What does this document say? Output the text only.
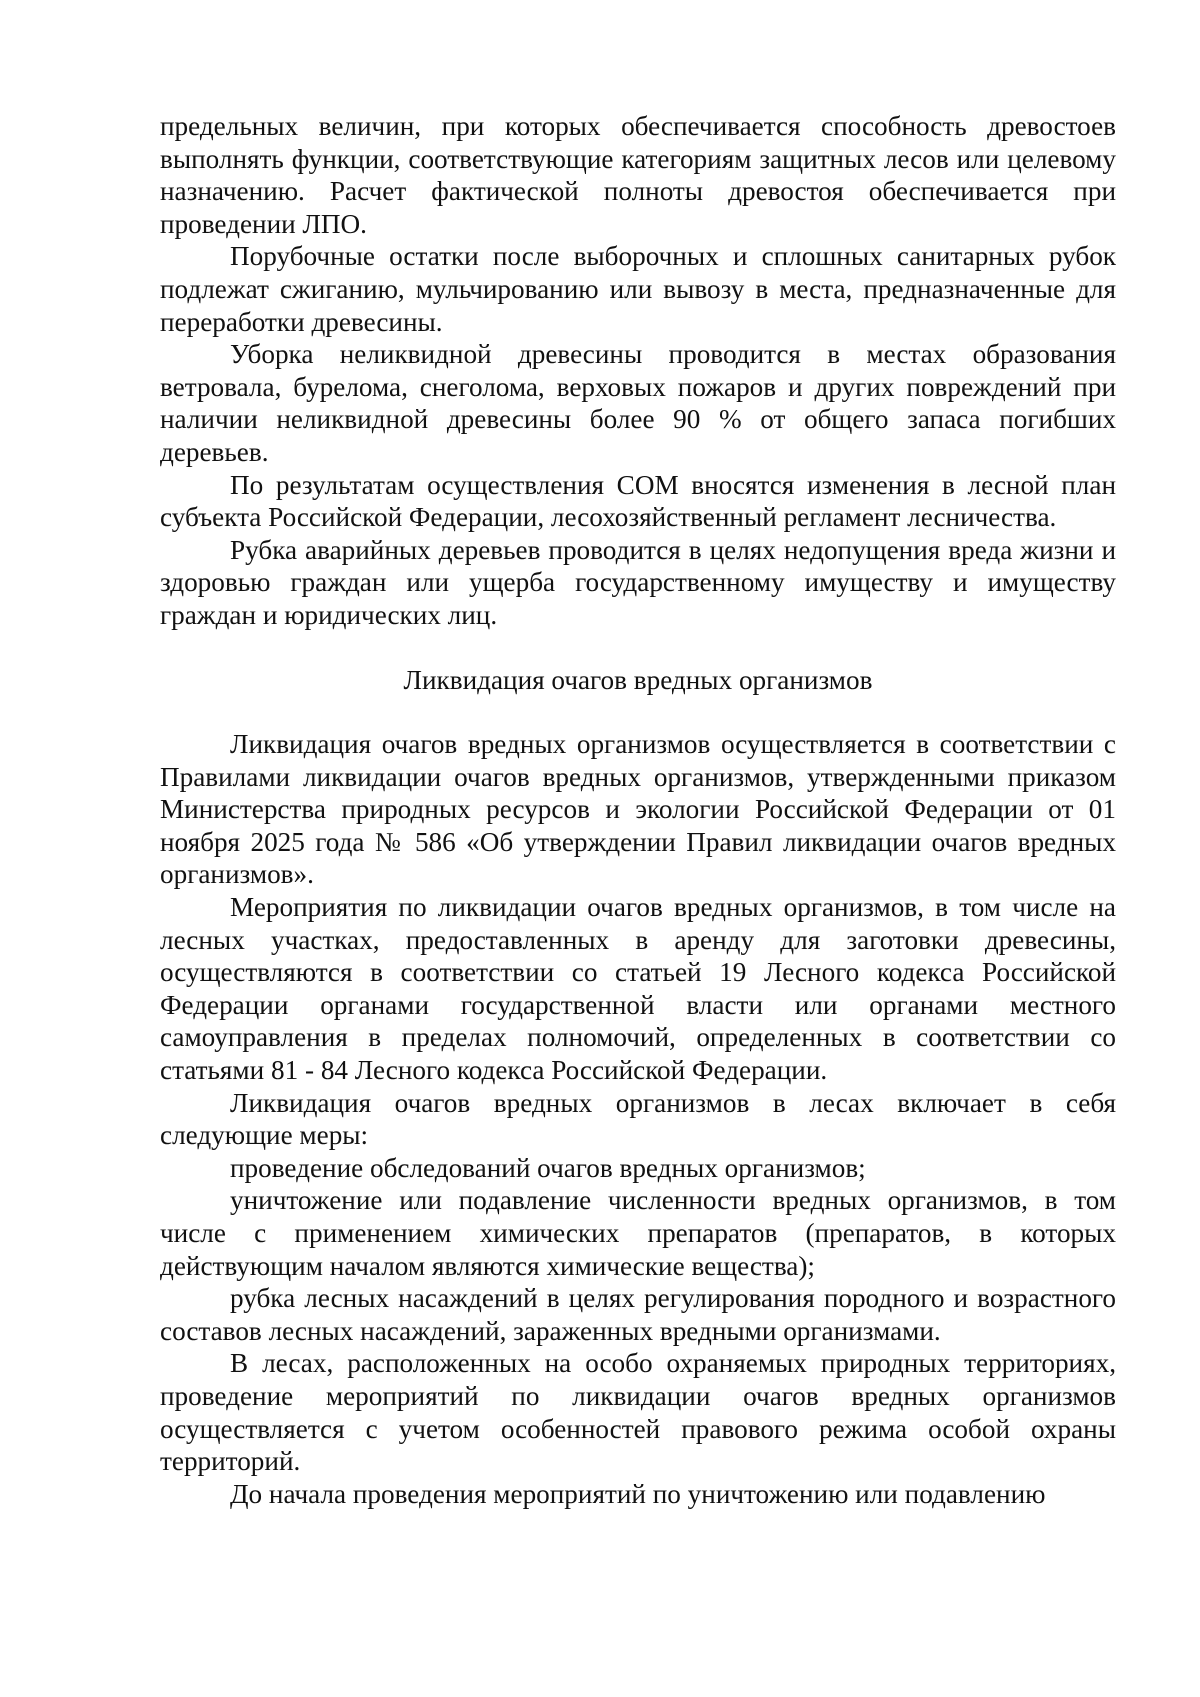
предельных величин, при которых обеспечивается способность древостоев выполнять функции, соответствующие категориям защитных лесов или целевому назначению. Расчет фактической полноты древостоя обеспечивается при проведении ЛПО.

Порубочные остатки после выборочных и сплошных санитарных рубок подлежат сжиганию, мульчированию или вывозу в места, предназначенные для переработки древесины.

Уборка неликвидной древесины проводится в местах образования ветровала, бурелома, снеголома, верховых пожаров и других повреждений при наличии неликвидной древесины более 90 % от общего запаса погибших деревьев.

По результатам осуществления СОМ вносятся изменения в лесной план субъекта Российской Федерации, лесохозяйственный регламент лесничества.

Рубка аварийных деревьев проводится в целях недопущения вреда жизни и здоровью граждан или ущерба государственному имуществу и имуществу граждан и юридических лиц.

Ликвидация очагов вредных организмов

Ликвидация очагов вредных организмов осуществляется в соответствии с Правилами ликвидации очагов вредных организмов, утвержденными приказом Министерства природных ресурсов и экологии Российской Федерации от 01 ноября 2025 года № 586 «Об утверждении Правил ликвидации очагов вредных организмов».

Мероприятия по ликвидации очагов вредных организмов, в том числе на лесных участках, предоставленных в аренду для заготовки древесины, осуществляются в соответствии со статьей 19 Лесного кодекса Российской Федерации органами государственной власти или органами местного самоуправления в пределах полномочий, определенных в соответствии со статьями 81 - 84 Лесного кодекса Российской Федерации.

Ликвидация очагов вредных организмов в лесах включает в себя следующие меры:

проведение обследований очагов вредных организмов;

уничтожение или подавление численности вредных организмов, в том числе с применением химических препаратов (препаратов, в которых действующим началом являются химические вещества);

рубка лесных насаждений в целях регулирования породного и возрастного составов лесных насаждений, зараженных вредными организмами.

В лесах, расположенных на особо охраняемых природных территориях, проведение мероприятий по ликвидации очагов вредных организмов осуществляется с учетом особенностей правового режима особой охраны территорий.

До начала проведения мероприятий по уничтожению или подавлению
